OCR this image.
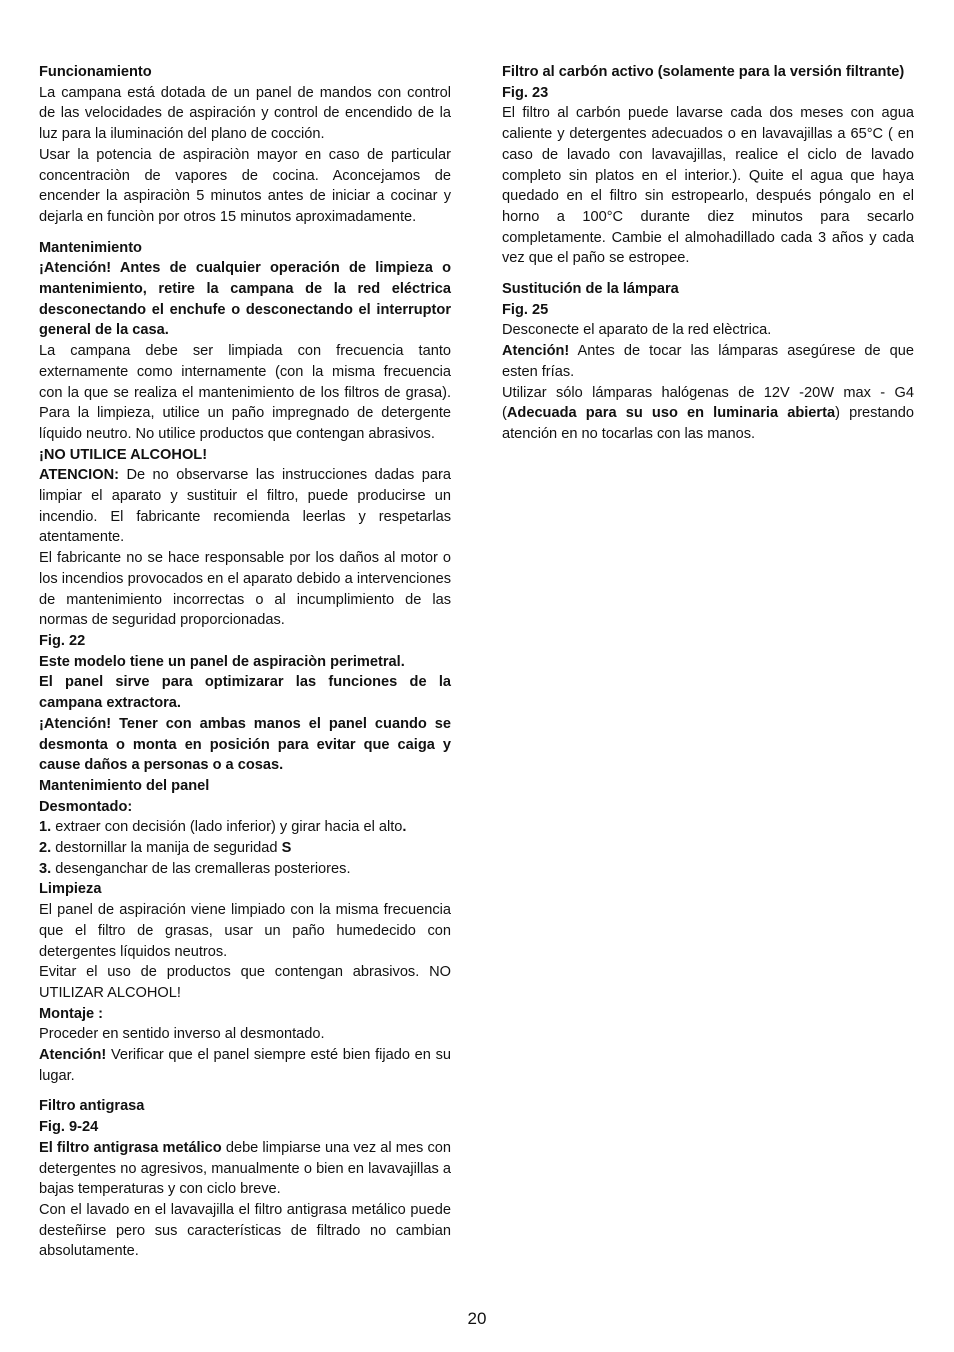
Funcionamiento

La campana está dotada de un panel de mandos con control de las velocidades de aspiración y control de encendido de la luz para la iluminación del plano de cocción.

Usar la potencia de aspiraciòn mayor en caso de particular concentraciòn de vapores de cocina. Aconcejamos de encender la aspiraciòn 5 minutos antes de iniciar a cocinar y dejarla en funciòn por otros 15 minutos aproximadamente.

Mantenimiento

¡Atención! Antes de cualquier operación de limpieza o mantenimiento, retire la campana de la red eléctrica desconectando el enchufe o desconectando el interruptor general de la casa.

La campana debe ser limpiada con frecuencia tanto externamente como internamente (con la misma frecuencia con la que se realiza el mantenimiento de los filtros de grasa). Para la limpieza, utilice un paño impregnado de detergente líquido neutro. No utilice productos que contengan abrasivos.

¡NO UTILICE ALCOHOL!

ATENCION: De no observarse las instrucciones dadas para limpiar el aparato y sustituir el filtro, puede producirse un incendio. El fabricante recomienda leerlas y respetarlas atentamente.

El fabricante no se hace responsable por los daños al motor o los incendios provocados en el aparato debido a intervenciones de mantenimiento incorrectas o al incumplimiento de las normas de seguridad proporcionadas.

Fig. 22

Este modelo tiene un panel de aspiraciòn perimetral.

El panel sirve para optimizarar las funciones de la campana extractora.

¡Atención! Tener con ambas manos el panel cuando se desmonta o monta en posición para evitar que caiga y cause daños a personas o a cosas.

Mantenimiento del panel

Desmontado:

1. extraer con decisión (lado inferior) y girar hacia el alto.

2. destornillar la manija de seguridad S

3. desenganchar de las cremalleras posteriores.

Limpieza

El panel de aspiración viene limpiado con la misma frecuencia que el filtro de grasas, usar un paño humedecido con detergentes líquidos neutros.

Evitar el uso de productos que contengan abrasivos. NO UTILIZAR ALCOHOL!

Montaje :

Proceder en sentido inverso al desmontado.

Atención! Verificar que el panel siempre esté bien fijado en su lugar.

Filtro antigrasa

Fig. 9-24

El filtro antigrasa metálico debe limpiarse una vez al mes con detergentes no agresivos, manualmente o bien en lavavajillas a bajas temperaturas y con ciclo breve.

Con el lavado en el lavavajilla el filtro antigrasa metálico puede desteñirse pero sus características de filtrado no cambian absolutamente.

Filtro al carbón activo (solamente para la versión filtrante)

Fig. 23

El filtro al carbón puede lavarse cada dos meses con agua caliente y detergentes adecuados o en lavavajillas a 65°C ( en caso de lavado con lavavajillas, realice el ciclo de lavado completo sin platos en el interior.). Quite el agua que haya quedado en el filtro sin estropearlo, después póngalo en el horno a 100°C durante diez minutos para secarlo completamente. Cambie el almohadillado cada 3 años y cada vez que el paño se estropee.

Sustitución de la lámpara

Fig. 25

Desconecte el aparato de la red elèctrica.

Atención! Antes de tocar las lámparas asegúrese de que esten frías.

Utilizar sólo lámparas halógenas de 12V -20W max - G4 (Adecuada para su uso en luminaria abierta) prestando atención en no tocarlas con las manos.

20
